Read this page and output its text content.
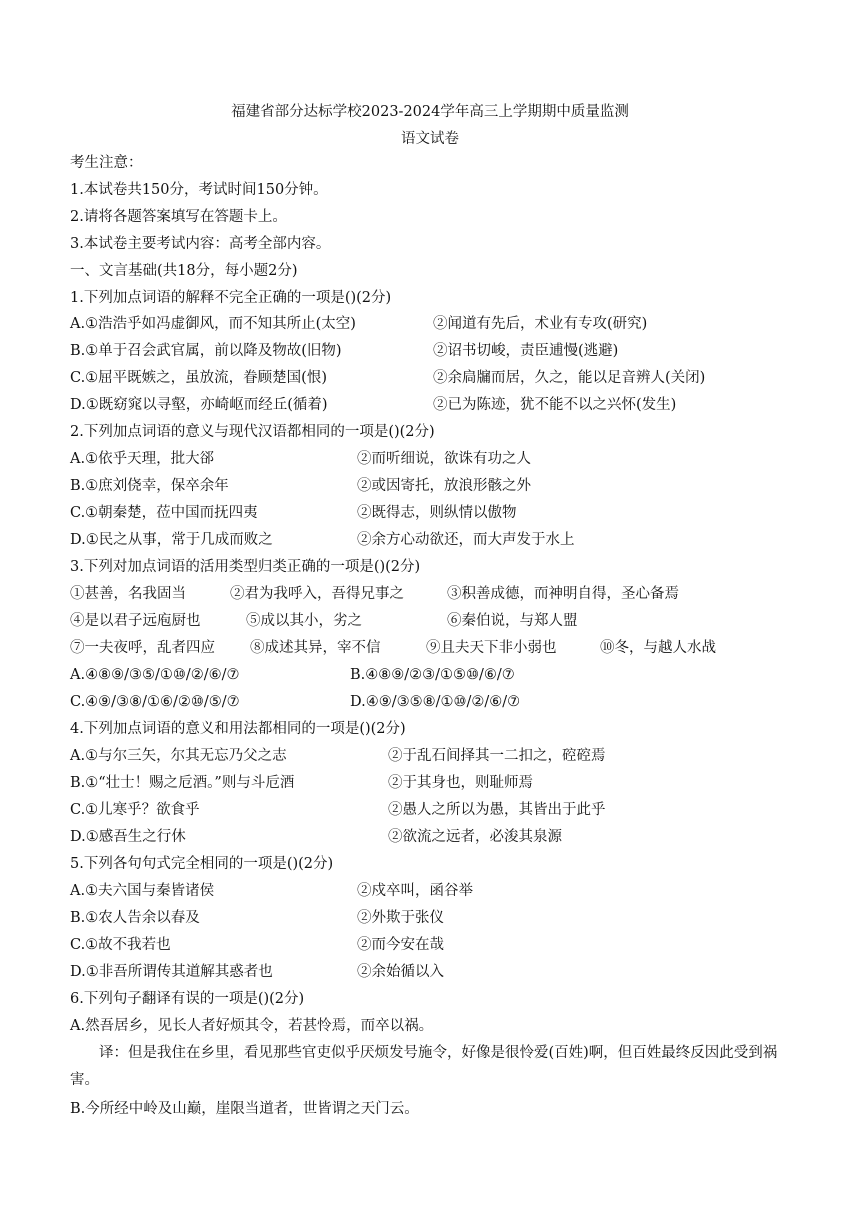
福建省部分达标学校2023-2024学年高三上学期期中质量监测
语文试卷
考生注意：
1.本试卷共150分，考试时间150分钟。
2.请将各题答案填写在答题卡上。
3.本试卷主要考试内容：高考全部内容。
一、文言基础(共18分，每小题2分)
1.下列加点词语的解释不完全正确的一项是()(2分)
A.①浩浩乎如冯虚御风，而不知其所止(太空)	②闻道有先后，术业有专攻(研究)
B.①单于召会武官属，前以降及物故(旧物)	②诏书切峻，责臣逋慢(逃避)
C.①屈平既嫉之，虽放流，眷顾楚国(恨)	②余扃牖而居，久之，能以足音辨人(关闭)
D.①既窈窕以寻壑，亦崎岖而经丘(循着)	②已为陈迹，犹不能不以之兴怀(发生)
2.下列加点词语的意义与现代汉语都相同的一项是()(2分)
A.①依乎天理，批大郤	②而听细说，欲诛有功之人
B.①庶刘侥幸，保卒余年	②或因寄托，放浪形骸之外
C.①朝秦楚，莅中国而抚四夷	②既得志，则纵情以傲物
D.①民之从事，常于几成而败之	②余方心动欲还，而大声发于水上
3.下列对加点词语的活用类型归类正确的一项是()(2分)
①甚善，名我固当	②君为我呼入，吾得兄事之	③积善成德，而神明自得，圣心备焉
④是以君子远庖厨也	⑤成以其小，劣之	⑥秦伯说，与郑人盟
⑦一夫夜呼，乱者四应 ⑧成述其异，宰不信	⑨且夫天下非小弱也	⑩冬，与越人水战
A.④⑧⑨/③⑤/①⑩/②/⑥/⑦	B.④⑧⑨/②③/①⑤⑩/⑥/⑦
C.④⑨/③⑧/①⑥/②⑩/⑤/⑦	D.④⑨/③⑤⑧/①⑩/②/⑥/⑦
4.下列加点词语的意义和用法都相同的一项是()(2分)
A.①与尔三矢，尔其无忘乃父之志	②于乱石间择其一二扣之，硿硿焉
B.①“壮士！赐之卮酒。”则与斗卮酒	②于其身也，则耻师焉
C.①儿寒乎？欲食乎	②愚人之所以为愚，其皆出于此乎
D.①感吾生之行休	②欲流之远者，必浚其泉源
5.下列各句句式完全相同的一项是()(2分)
A.①夫六国与秦皆诸侯	②戍卒叫，函谷举
B.①农人告余以春及	②外欺于张仪
C.①故不我若也	②而今安在哉
D.①非吾所谓传其道解其惑者也	②余始循以入
6.下列句子翻译有误的一项是()(2分)
A.然吾居乡，见长人者好烦其令，若甚怜焉，而卒以祸。
译：但是我住在乡里，看见那些官吏似乎厌烦发号施令，好像是很怜爱(百姓)啊，但百姓最终反因此受到祸害。
B.今所经中岭及山巅，崖限当道者，世皆谓之天门云。
